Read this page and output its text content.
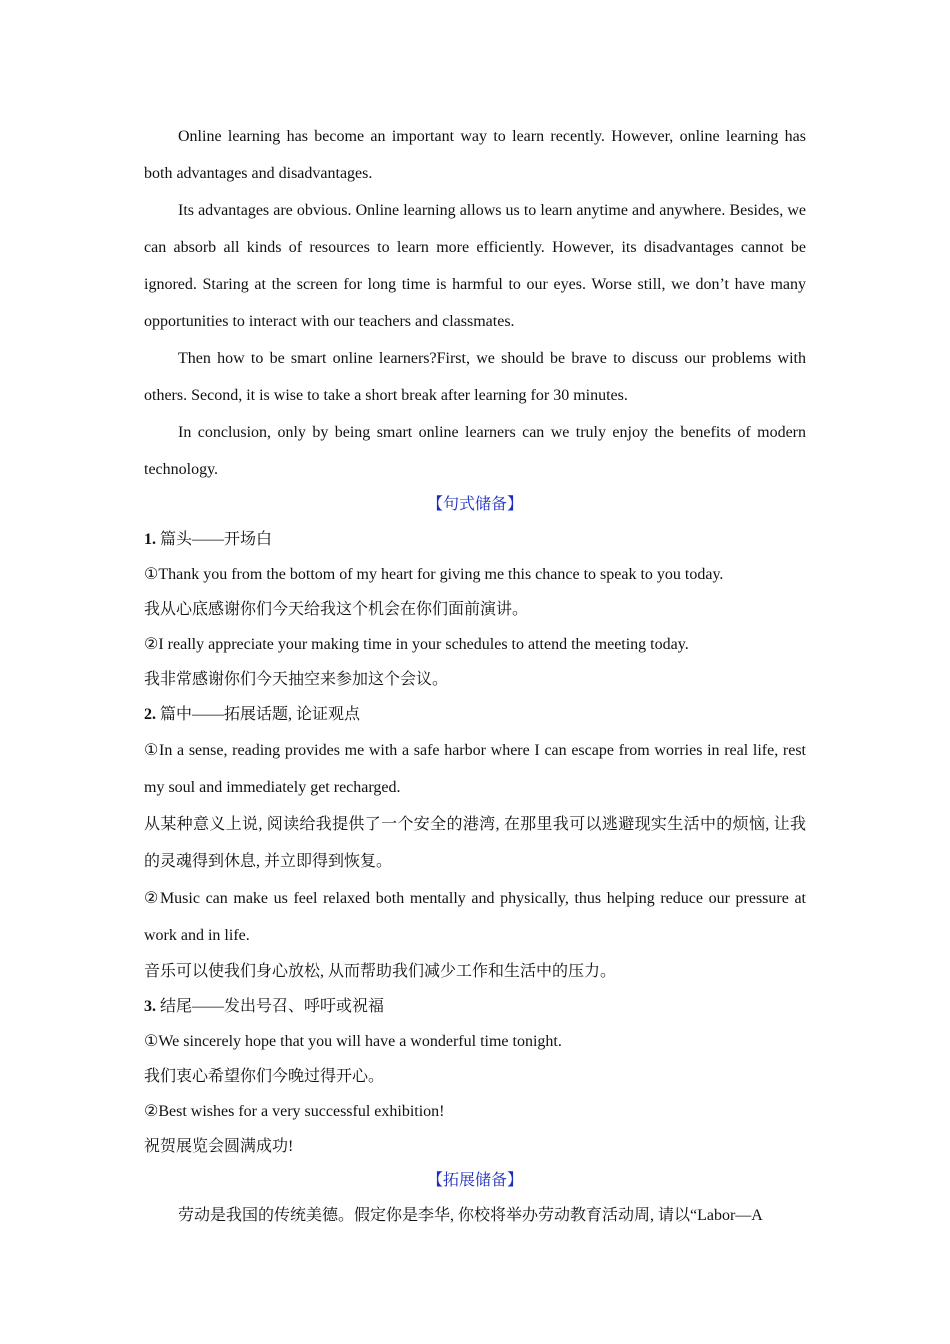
Online learning has become an important way to learn recently. However, online learning has both advantages and disadvantages.

Its advantages are obvious. Online learning allows us to learn anytime and anywhere. Besides, we can absorb all kinds of resources to learn more efficiently. However, its disadvantages cannot be ignored. Staring at the screen for long time is harmful to our eyes. Worse still, we don’t have many opportunities to interact with our teachers and classmates.

Then how to be smart online learners?First, we should be brave to discuss our problems with others. Second, it is wise to take a short break after learning for 30 minutes.

In conclusion, only by being smart online learners can we truly enjoy the benefits of modern technology.

【句式储备】

1. 篇头——开场白

①Thank you from the bottom of my heart for giving me this chance to speak to you today.

我从心底感谢你们今天给我这个机会在你们面前演讲。

②I really appreciate your making time in your schedules to attend the meeting today.

我非常感谢你们今天抽空来参加这个会议。

2. 篇中——拓展话题, 论证观点

①In a sense, reading provides me with a safe harbor where I can escape from worries in real life, rest my soul and immediately get recharged.

从某种意义上说, 阅读给我提供了一个安全的港湾, 在那里我可以逃避现实生活中的烦恼, 让我的灵魂得到休息, 并立即得到恢复。

②Music can make us feel relaxed both mentally and physically, thus helping reduce our pressure at work and in life.

音乐可以使我们身心放松, 从而帮助我们减少工作和生活中的压力。

3. 结尾——发出号召、呼吁或祝福

①We sincerely hope that you will have a wonderful time tonight.

我们衷心希望你们今晚过得开心。

②Best wishes for a very successful exhibition!

祝贺展览会圆满成功!

【拓展储备】

劳动是我国的传统美德。假定你是李华, 你校将举办劳动教育活动周, 请以“Labor—A
